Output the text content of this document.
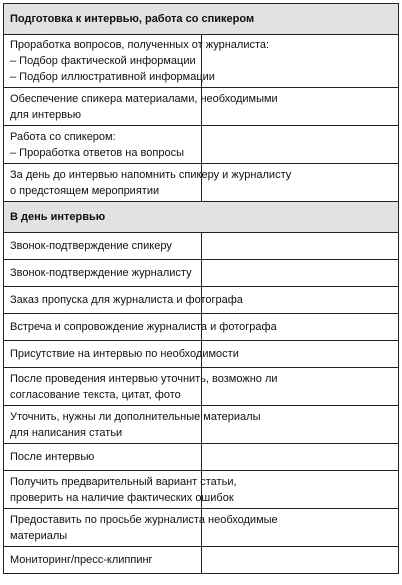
Подготовка к интервью, работа со спикером	

Проработка вопросов, полученных от журналиста:
– Подбор фактической информации
– Подбор иллюстративной информации	

Обеспечение спикера материалами, необходимыми
для интервью	

Работа со спикером:
– Проработка ответов на вопросы	

За день до интервью напомнить спикеру и журналисту
о предстоящем мероприятии	

В день интервью	

Звонок-подтверждение спикеру	

Звонок-подтверждение журналисту	

Заказ пропуска для журналиста и фотографа	

Встреча и сопровождение журналиста и фотографа	

Присутствие на интервью по необходимости	

После проведения интервью уточнить, возможно ли
согласование текста, цитат, фото	

Уточнить, нужны ли дополнительные материалы
для написания статьи	

После интервью	

Получить предварительный вариант статьи,
проверить на наличие фактических ошибок	

Предоставить по просьбе журналиста необходимые
материалы	

Мониторинг/пресс-клиппинг	
